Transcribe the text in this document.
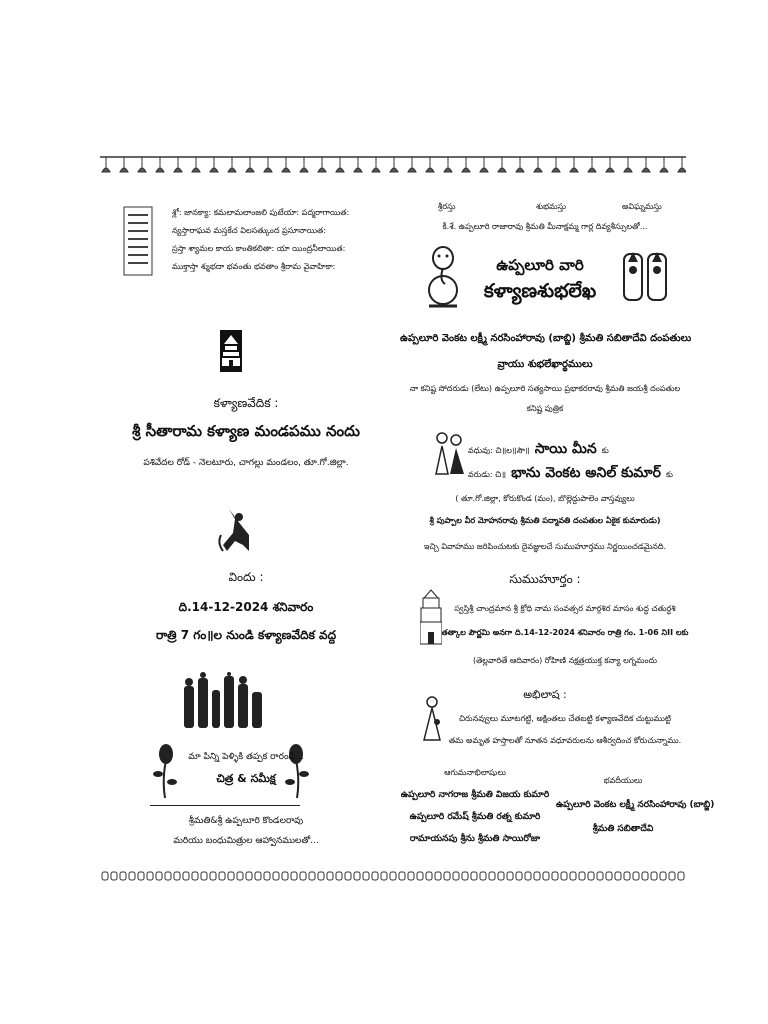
శ్లో: జానక్యా: కమలామలాంజలి పుటేయా: పద్మరాగాయిత:
న్యస్తారాఘవ మస్తకేచ విలసత్కుంద ప్రసూనాయిత:
స్రస్తా శ్యామల కాయ కాంతికలితా: యా యింద్రనీలాయిత:
ముక్తాస్తా శ్శుభదా భవంతు భవతాం శ్రీరామ వైవాహికా:
కళ్యాణవేదిక :
శ్రీ సీతారామ కళ్యాణ మండపము నందు
పశివేదల రోడ్ - నెలటూరు, చాగల్లు మండలం, తూ.గో.జిల్లా.
విందు :
ది.14-12-2024 శనివారం
రాత్రి 7 గం॥ల నుండి కళ్యాణవేదిక వద్ద
మా పిన్ని పెళ్ళికి తప్పక రారండి...
చిత్ర & సమీక్ష
శ్రీమతి&శ్రీ ఉప్పలూరి కొండలరావు
మరియు బంధుమిత్రుల ఆహ్వానములతో...
శ్రీరస్తు	శుభమస్తు	అవిఘ్నమస్తు
కీ.శే. ఉప్పలూరి రాజారావు శ్రీమతి మీనాక్షమ్మ గార్ల దివ్యశీస్సులతో...
ఉప్పలూరి వారి
కళ్యాణశుభలేఖ
ఉప్పలూరి వెంకట లక్ష్మీ నరసింహారావు (బాబ్జి) శ్రీమతి సబితాదేవి దంపతులు
వ్రాయు శుభలేఖార్థములు
నా కనిష్ట సోదరుడు (లేటు) ఉప్పలూరి సత్యసాయి ప్రభాకరరావు శ్రీమతి జయశ్రీ దంపతుల
కనిష్ట పుత్రిక
వధువు: చి॥ల॥సౌ॥ సాయి మీన కు
వరుడు: చి॥ భాను వెంకట అనిల్ కుమార్ కు
( తూ.గో.జిల్లా, కోరుకొండ (మం), బొల్లెద్దుపాలెం వాస్తవ్యులు
శ్రీ పుప్పాల వీర మోహనరావు శ్రీమతి పద్మావతి దంపతుల ఏకైక కుమారుడు)
ఇచ్చి వివాహము జరిపించుటకు దైవజ్ఞులచే సుముహూర్తము నిర్ణయించడమైనది.
సుముహూర్తం :
స్వస్తిశ్రీ చాంద్రమాన శ్రీ క్రోధి నామ సంవత్సర మార్గశిర మాసం శుద్ధ చతుర్ధశి
తత్కాల పౌర్ణమి అనగా ది.14-12-2024 శనివారం రాత్రి గం. 1-06 నిII లకు
(తెల్లవారితే ఆదివారం) రోహిణి నక్షత్రయుక్త కన్యా లగ్నమందు
అభిలాష :
చిరునవ్వులు మూటగట్టి, అక్షింతలు చేతబట్టి కళ్యాణవేదిక చుట్టుముట్టి
తమ అమృత హస్తాలతో నూతన వధూవరులను ఆశీర్వదించ కోరుచున్నాము.
ఆగుమనాభిలాషులు
ఉప్పలూరి నాగరాజ శ్రీమతి విజయ కుమారి
ఉప్పలూరి రమేష్ శ్రీమతి రత్న కుమారి
రామాయనపు శ్రీను శ్రీమతి సాయిరోజా
భవదీయులు
ఉప్పలూరి వెంకట లక్ష్మీ నరసింహారావు (బాబ్జి)
శ్రీమతి సబితాదేవి
